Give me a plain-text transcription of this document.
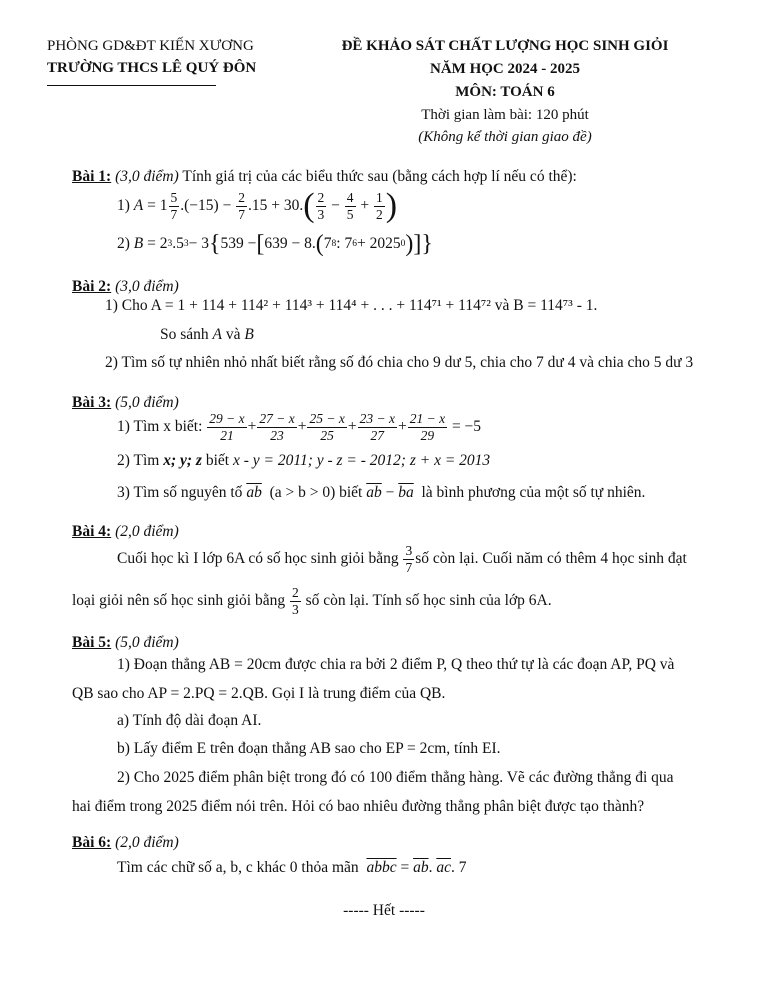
PHÒNG GD&ĐT KIẾN XƯƠNG
TRƯỜNG THCS LÊ QUÝ ĐÔN
ĐỀ KHẢO SÁT CHẤT LƯỢNG HỌC SINH GIỎI
NĂM HỌC 2024 - 2025
MÔN: TOÁN 6
Thời gian làm bài: 120 phút
(Không kể thời gian giao đề)
Bài 1: (3,0 điểm) Tính giá trị của các biểu thức sau (bằng cách hợp lí nếu có thể):
1)
$A = 1 \frac{5}{7} .(-15) - \frac{2}{7} .15 + 30$. ( $\frac{2}{3} - \frac{4}{5} + \frac{1}{2}$ )
2)
B = 2 3 .5 3 − 3 { 539 − [ 639 − 8. ( 7 8 : 7 6 + 2025 0 ) ] }
Bài 2: (3,0 điểm)
1) Cho A = 1 + 114 + 114² + 114³ + 114⁴ + . . . + 114⁷¹ + 114⁷² và B = 114⁷³ - 1.
So sánh A và B
2) Tìm số tự nhiên nhỏ nhất biết rằng số đó chia cho 9 dư 5, chia cho 7 dư 4 và chia cho 5 dư 3
Bài 3: (5,0 điểm)
1) Tìm x biết:
$\frac{29 - x}{21} + \frac{27 - x}{23} + \frac{25 - x}{25} + \frac{23 - x}{27} + \frac{21 - x}{29} = -5$
2) Tìm x; y; z biết x - y = 2011; y - z = - 2012; z + x = 2013
3) Tìm số nguyên tố $\overline{ab}$ (a > b > 0) biết $\overline{ab} - \overline{ba}$ là bình phương của một số tự nhiên.
Bài 4: (2,0 điểm)
Cuối học kì I lớp 6A có số học sinh giỏi bằng
$\frac{3}{7}$ số còn lại. Cuối năm có thêm 4 học sinh đạt
loại giỏi nên số học sinh giỏi bằng
$\frac{2}{3}$
số còn lại. Tính số học sinh của lớp 6A.
Bài 5: (5,0 điểm)
1) Đoạn thẳng AB = 20cm được chia ra bởi 2 điểm P, Q theo thứ tự là các đoạn AP, PQ và
QB sao cho AP = 2.PQ = 2.QB. Gọi I là trung điểm của QB.
a) Tính độ dài đoạn AI.
b) Lấy điểm E trên đoạn thẳng AB sao cho EP = 2cm, tính EI.
2) Cho 2025 điểm phân biệt trong đó có 100 điểm thẳng hàng. Vẽ các đường thẳng đi qua
hai điểm trong 2025 điểm nói trên. Hỏi có bao nhiêu đường thẳng phân biệt được tạo thành?
Bài 6: (2,0 điểm)
Tìm các chữ số a, b, c khác 0 thỏa mãn abbc = $\overline{ab}$. $\overline{ac}$. 7
----- Hết -----
